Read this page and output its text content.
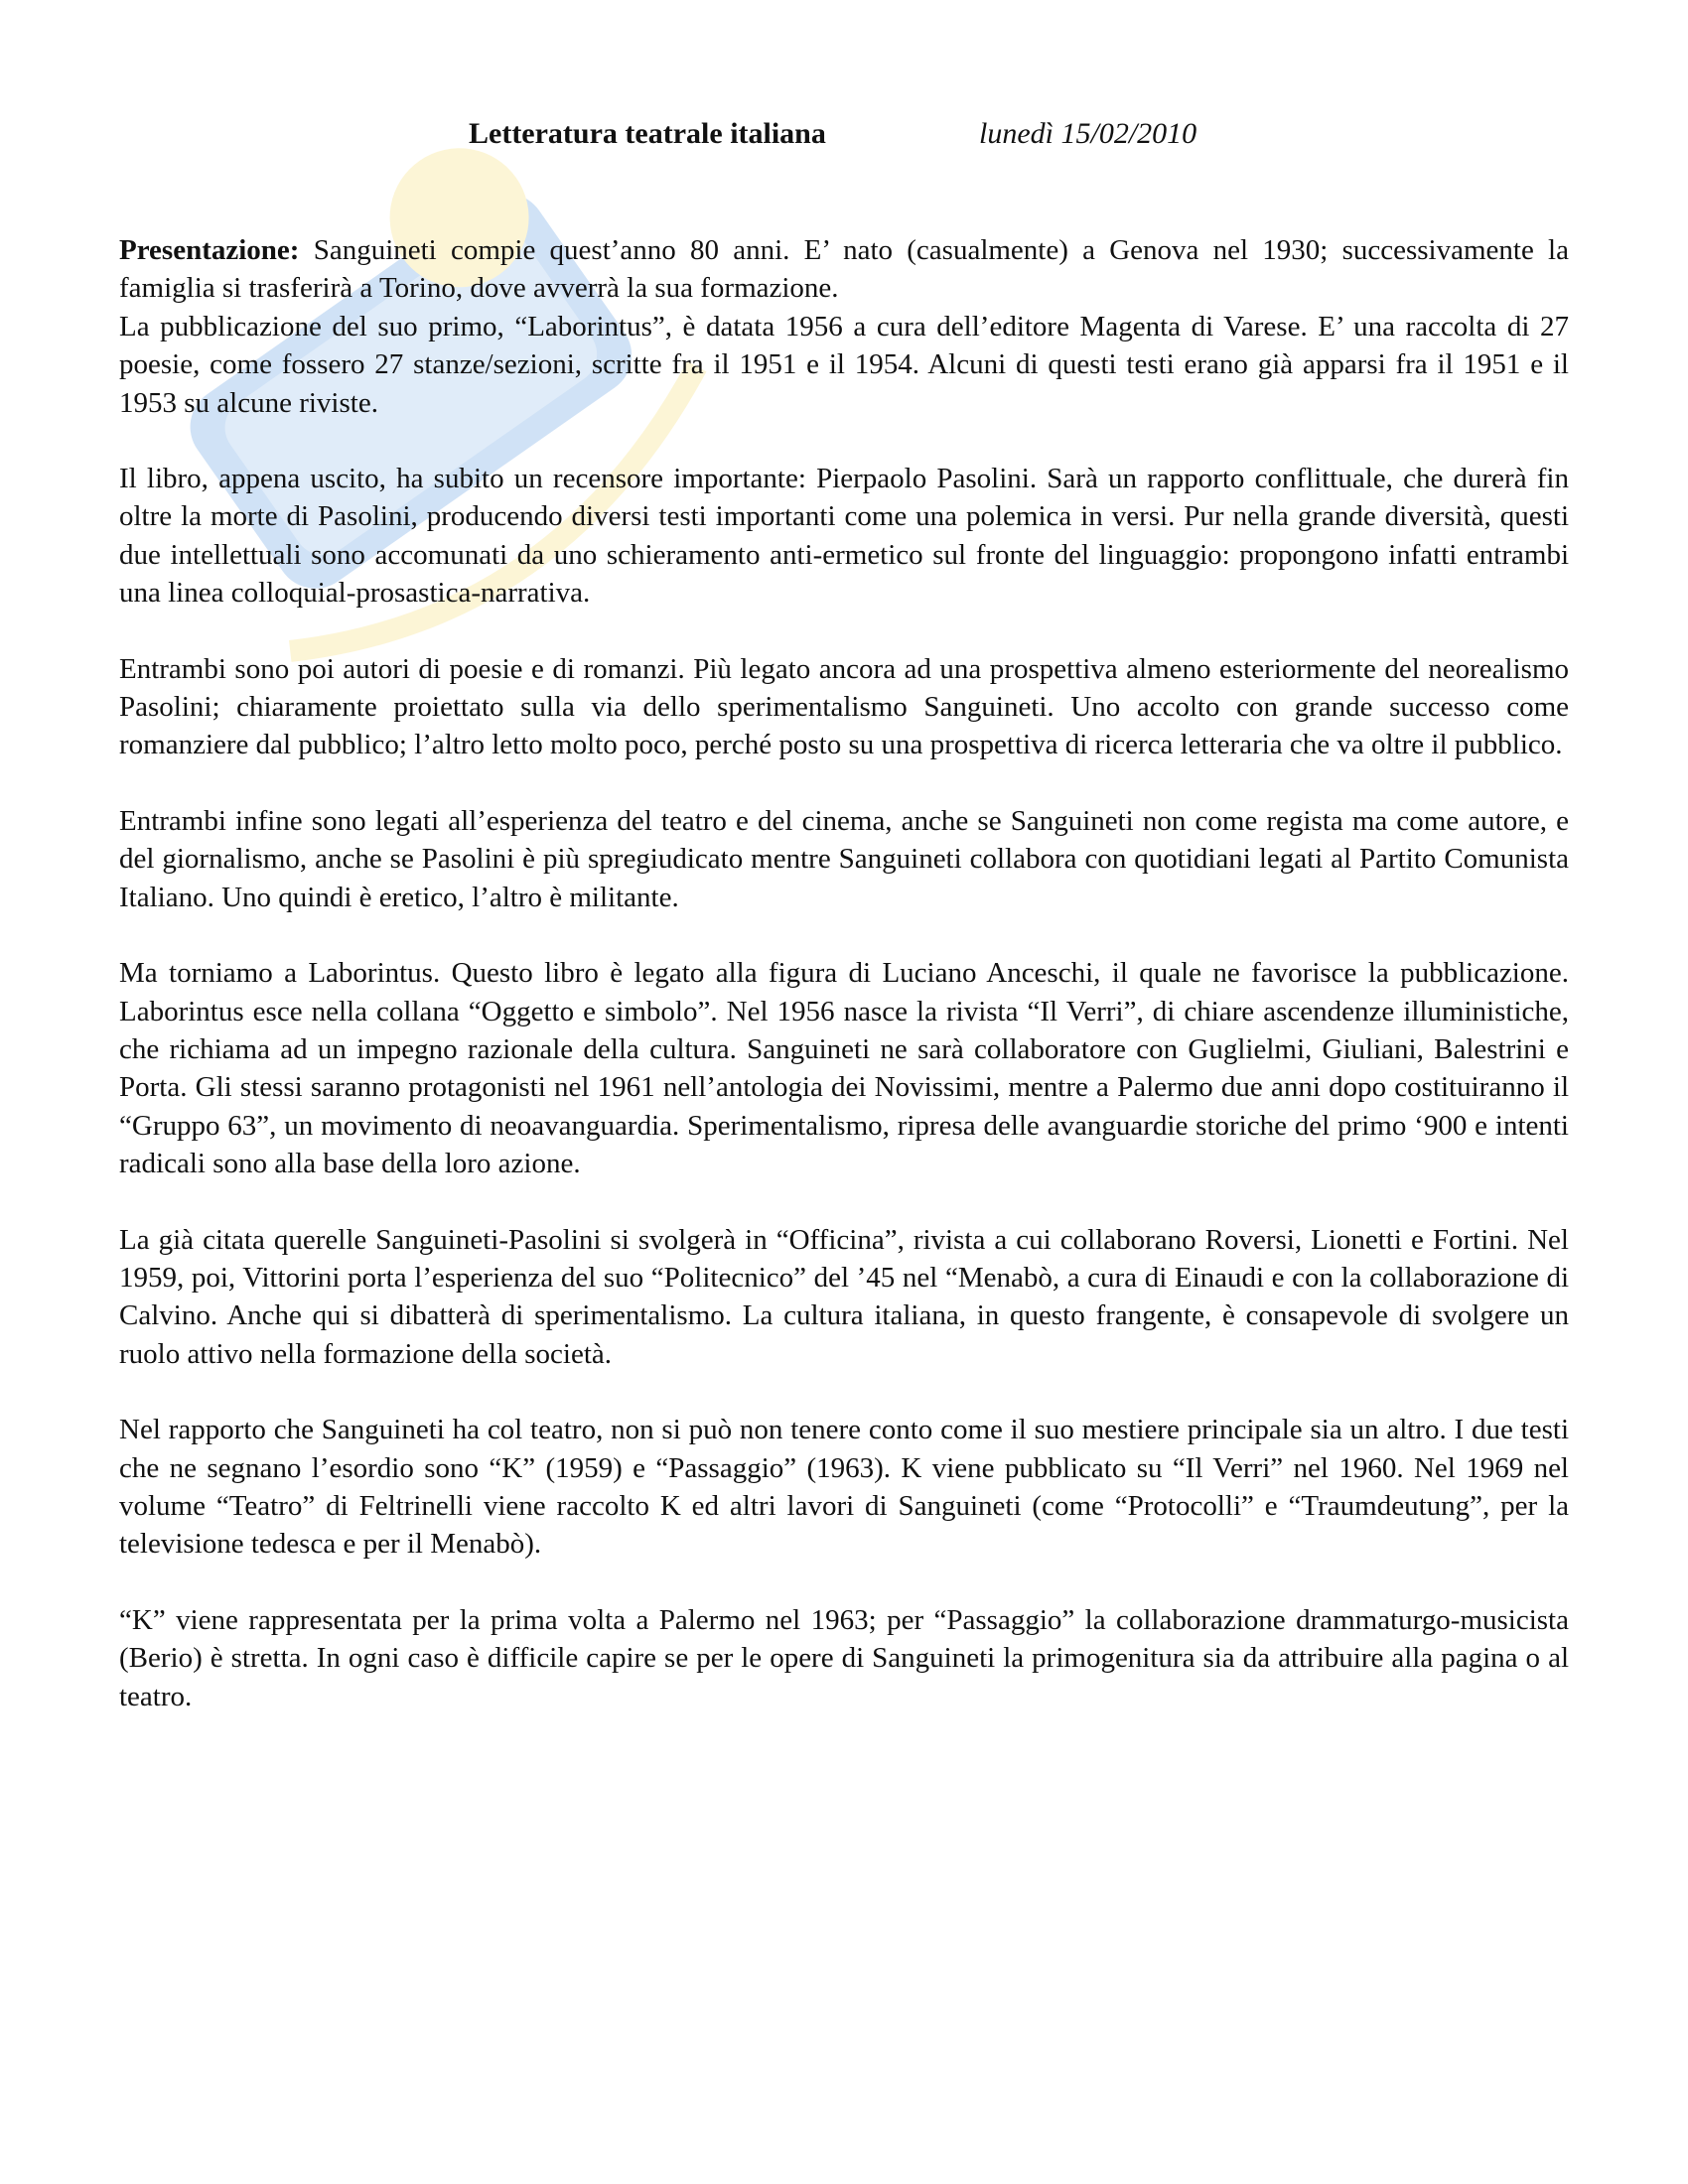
Letteratura teatrale italiana	lunedì 15/02/2010

Presentazione: Sanguineti compie quest’anno 80 anni. E’ nato (casualmente) a Genova nel 1930; successivamente la famiglia si trasferirà a Torino, dove avverrà la sua formazione.

La pubblicazione del suo primo, “Laborintus”, è datata 1956 a cura dell’editore Magenta di Varese. E’ una raccolta di 27 poesie, come fossero 27 stanze/sezioni, scritte fra il 1951 e il 1954. Alcuni di questi testi erano già apparsi fra il 1951 e il 1953 su alcune riviste.

Il libro, appena uscito, ha subito un recensore importante: Pierpaolo Pasolini. Sarà un rapporto conflittuale, che durerà fin oltre la morte di Pasolini, producendo diversi testi importanti come una polemica in versi. Pur nella grande diversità, questi due intellettuali sono accomunati da uno schieramento anti-ermetico sul fronte del linguaggio: propongono infatti entrambi una linea colloquial-prosastica-narrativa.

Entrambi sono poi autori di poesie e di romanzi. Più legato ancora ad una prospettiva almeno esteriormente del neorealismo Pasolini; chiaramente proiettato sulla via dello sperimentalismo Sanguineti. Uno accolto con grande successo come romanziere dal pubblico; l’altro letto molto poco, perché posto su una prospettiva di ricerca letteraria che va oltre il pubblico.

Entrambi infine sono legati all’esperienza del teatro e del cinema, anche se Sanguineti non come regista ma come autore, e del giornalismo, anche se Pasolini è più spregiudicato mentre Sanguineti collabora con quotidiani legati al Partito Comunista Italiano. Uno quindi è eretico, l’altro è militante.

Ma torniamo a Laborintus. Questo libro è legato alla figura di Luciano Anceschi, il quale ne favorisce la pubblicazione. Laborintus esce nella collana “Oggetto e simbolo”. Nel 1956 nasce la rivista “Il Verri”, di chiare ascendenze illuministiche, che richiama ad un impegno razionale della cultura. Sanguineti ne sarà collaboratore con Guglielmi, Giuliani, Balestrini e Porta. Gli stessi saranno protagonisti nel 1961 nell’antologia dei Novissimi, mentre a Palermo due anni dopo costituiranno il “Gruppo 63”, un movimento di neoavanguardia. Sperimentalismo, ripresa delle avanguardie storiche del primo ‘900 e intenti radicali sono alla base della loro azione.

La già citata querelle Sanguineti-Pasolini si svolgerà in “Officina”, rivista a cui collaborano Roversi, Lionetti e Fortini. Nel 1959, poi, Vittorini porta l’esperienza del suo “Politecnico” del ’45 nel “Menabò, a cura di Einaudi e con la collaborazione di Calvino. Anche qui si dibatterà di sperimentalismo. La cultura italiana, in questo frangente, è consapevole di svolgere un ruolo attivo nella formazione della società.

Nel rapporto che Sanguineti ha col teatro, non si può non tenere conto come il suo mestiere principale sia un altro. I due testi che ne segnano l’esordio sono “K” (1959) e “Passaggio” (1963). K viene pubblicato su “Il Verri” nel 1960. Nel 1969 nel volume “Teatro” di Feltrinelli viene raccolto K ed altri lavori di Sanguineti (come “Protocolli” e “Traumdeutung”, per la televisione tedesca e per il Menabò).

“K” viene rappresentata per la prima volta a Palermo nel 1963; per “Passaggio” la collaborazione drammaturgo-musicista (Berio) è stretta. In ogni caso è difficile capire se per le opere di Sanguineti la primogenitura sia da attribuire alla pagina o al teatro.
